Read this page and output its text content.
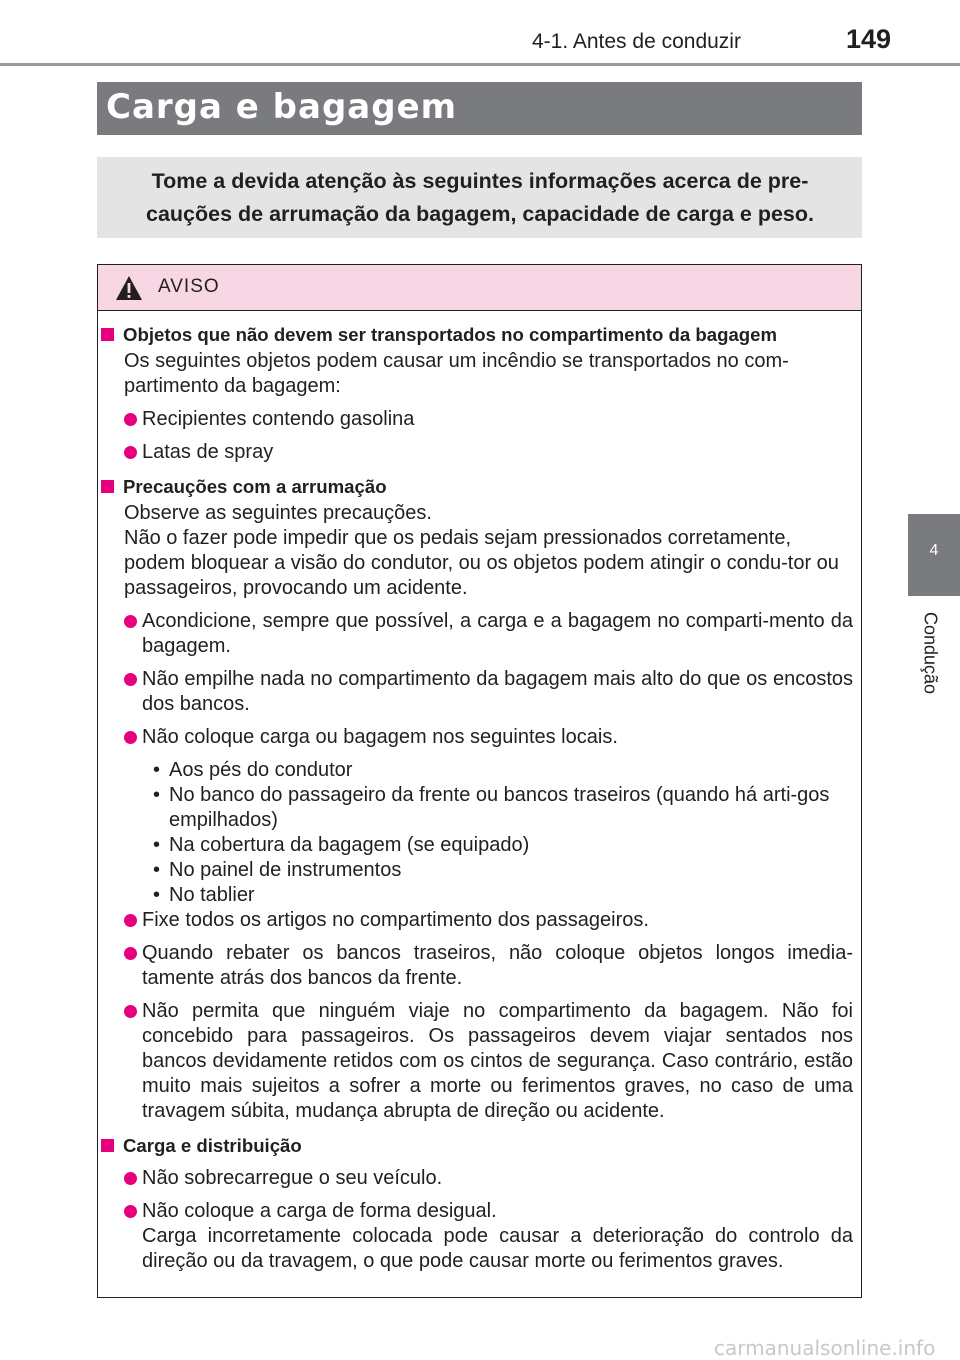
4-1. Antes de conduzir	149
Carga e bagagem
Tome a devida atenção às seguintes informações acerca de pre-cauções de arrumação da bagagem, capacidade de carga e peso.
AVISO
Objetos que não devem ser transportados no compartimento da bagagem
Os seguintes objetos podem causar um incêndio se transportados no com-partimento da bagagem:
Recipientes contendo gasolina
Latas de spray
Precauções com a arrumação
Observe as seguintes precauções.
Não o fazer pode impedir que os pedais sejam pressionados corretamente, podem bloquear a visão do condutor, ou os objetos podem atingir o condu-tor ou passageiros, provocando um acidente.
Acondicione, sempre que possível, a carga e a bagagem no comparti-mento da bagagem.
Não empilhe nada no compartimento da bagagem mais alto do que os encostos dos bancos.
Não coloque carga ou bagagem nos seguintes locais.
• Aos pés do condutor
• No banco do passageiro da frente ou bancos traseiros (quando há arti-gos empilhados)
• Na cobertura da bagagem (se equipado)
• No painel de instrumentos
• No tablier
Fixe todos os artigos no compartimento dos passageiros.
Quando rebater os bancos traseiros, não coloque objetos longos imedia-tamente atrás dos bancos da frente.
Não permita que ninguém viaje no compartimento da bagagem. Não foi concebido para passageiros. Os passageiros devem viajar sentados nos bancos devidamente retidos com os cintos de segurança. Caso contrário, estão muito mais sujeitos a sofrer a morte ou ferimentos graves, no caso de uma travagem súbita, mudança abrupta de direção ou acidente.
Carga e distribuição
Não sobrecarregue o seu veículo.
Não coloque a carga de forma desigual.
Carga incorretamente colocada pode causar a deterioração do controlo da direção ou da travagem, o que pode causar morte ou ferimentos graves.
4
Condução
carmanualsonline.info
